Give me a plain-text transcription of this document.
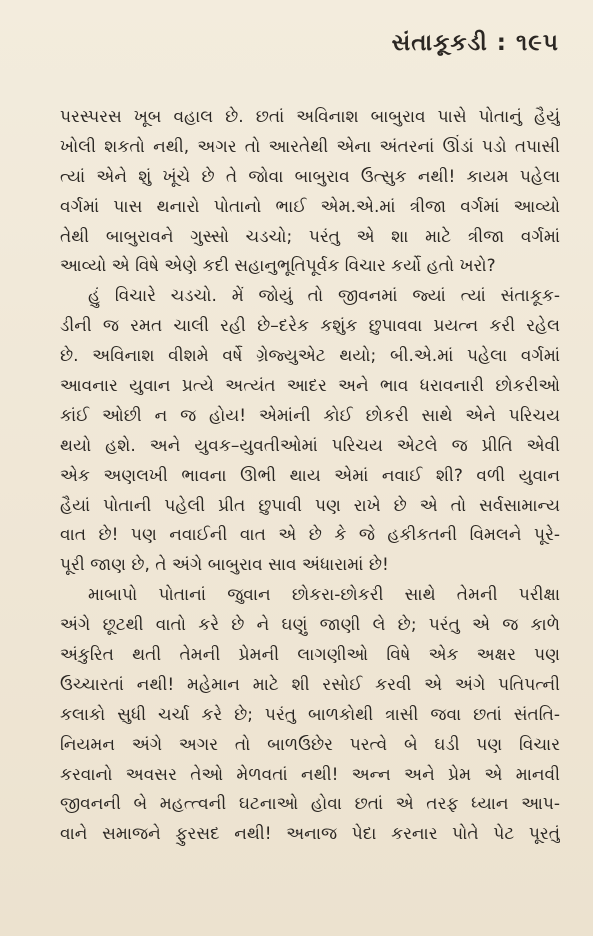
સંતાકૂકડી : ૧૯૫
પરસ્પરસ ખૂબ વહાલ છે. છતાં અવિનાશ બાબુરાવ પાસે પોતાનું હૈયું
ખોલી શકતો નથી, અગર તો આરતેથી એના અંતરનાં ઊંડાં પડો તપાસી
ત્યાં એને શું ખૂંચે છે તે જોવા બાબુરાવ ઉત્સુક નથી! કાયમ પહેલા
વર્ગમાં પાસ થનારો પોતાનો ભાઈ એમ.એ.માં ત્રીજા વર્ગમાં આવ્યો
તેથી બાબુરાવને ગુસ્સો ચડચો; પરંતુ એ શા માટે ત્રીજા વર્ગમાં
આવ્યો એ વિષે એણે કદી સહાનુભૂતિપૂર્વક વિચાર કર્યો હતો ખરો?
હું વિચારે ચડચો. મેં જોયું તો જીવનમાં જ્યાં ત્યાં સંતાકૂક-
ડીની જ રમત ચાલી રહી છે–દરેક કશુંક છુપાવવા પ્રયત્ન કરી રહેલ
છે. અવિનાશ વીશમે વર્ષે ગ્રેજ્યુએટ થયો; બી.એ.માં પહેલા વર્ગમાં
આવનાર યુવાન પ્રત્યે અત્યંત આદર અને ભાવ ધરાવનારી છોકરીઓ
કાંઈ ઓછી ન જ હોય! એમાંની કોઈ છોકરી સાથે એને પરિચય
થયો હશે. અને યુવક–યુવતીઓમાં પરિચય એટલે જ પ્રીતિ એવી
એક અણલખી ભાવના ઊભી થાય એમાં નવાઈ શી? વળી યુવાન
હૈયાં પોતાની પહેલી પ્રીત છુપાવી પણ રાખે છે એ તો સર્વસામાન્ય
વાત છે! પણ નવાઈની વાત એ છે કે જે હકીકતની વિમલને પૂરે-
પૂરી જાણ છે, તે અંગે બાબુરાવ સાવ અંધારામાં છે!
માબાપો પોતાનાં જુવાન છોકરા-છોકરી સાથે તેમની પરીક્ષા
અંગે છૂટથી વાતો કરે છે ને ઘણું જાણી લે છે; પરંતુ એ જ કાળે
અંકુરિત થતી તેમની પ્રેમની લાગણીઓ વિષે એક અક્ષર પણ
ઉચ્ચારતાં નથી! મહેમાન માટે શી રસોઈ કરવી એ અંગે પતિપત્ની
કલાકો સુધી ચર્ચા કરે છે; પરંતુ બાળકોથી ત્રાસી જવા છતાં સંતતિ-
નિયમન અંગે અગર તો બાળઉછેર પરત્વે બે ઘડી પણ વિચાર
કરવાનો અવસર તેઓ મેળવતાં નથી! અન્ન અને પ્રેમ એ માનવી
જીવનની બે મહત્ત્વની ઘટનાઓ હોવા છતાં એ તરફ ધ્યાન આપ-
વાને સમાજને ફુરસદ નથી! અનાજ પેદા કરનાર પોતે પેટ પૂરતું
